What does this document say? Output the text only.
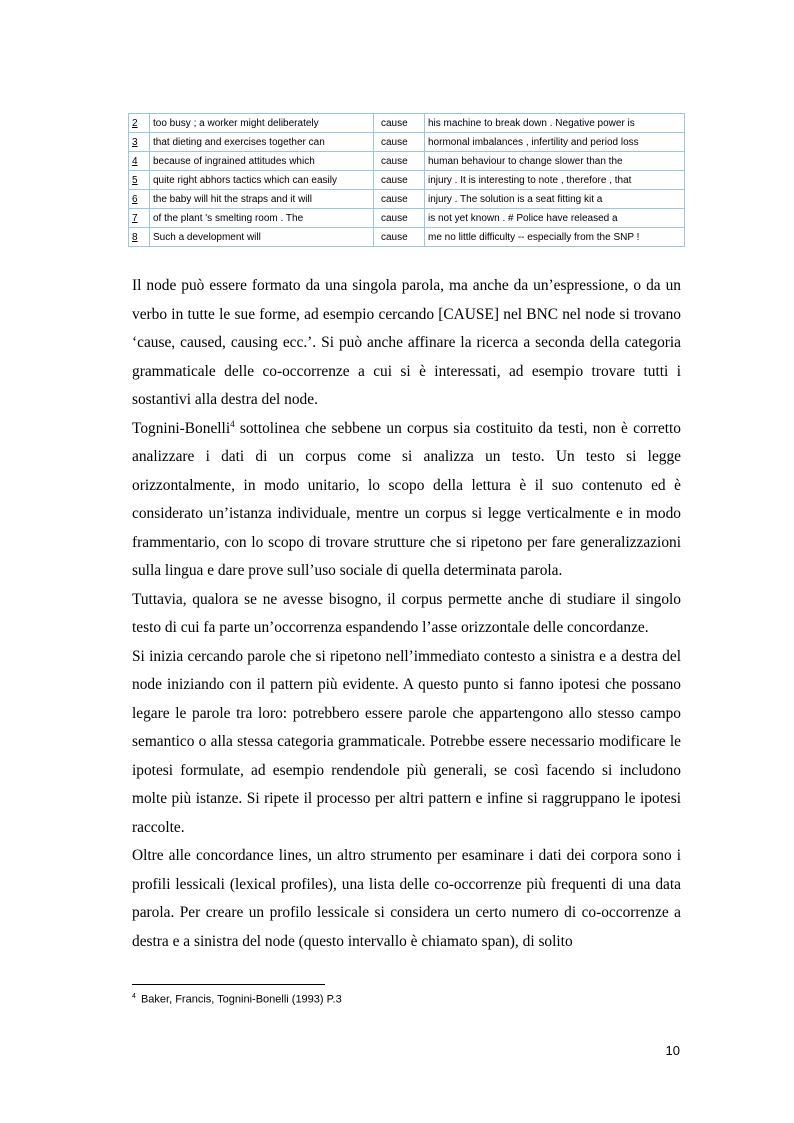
2	too busy ; a worker might deliberately	cause	his machine to break down . Negative power is
3	that dieting and exercises together can	cause	hormonal imbalances , infertility and period loss
4	because of ingrained attitudes which	cause	human behaviour to change slower than the
5	quite right abhors tactics which can easily	cause	injury . It is interesting to note , therefore , that
6	the baby will hit the straps and it will	cause	injury . The solution is a seat fitting kit a
7	of the plant 's smelting room . The	cause	is not yet known . # Police have released a
8	Such a development will	cause	me no little difficulty -- especially from the SNP !

Il node può essere formato da una singola parola, ma anche da un’espressione, o da un verbo in tutte le sue forme, ad esempio cercando [CAUSE] nel BNC nel node si trovano ‘cause, caused, causing ecc.’. Si può anche affinare la ricerca a seconda della categoria grammaticale delle co-occorrenze a cui si è interessati, ad esempio trovare tutti i sostantivi alla destra del node.

Tognini-Bonelli$^4$ sottolinea che sebbene un corpus sia costituito da testi, non è corretto analizzare i dati di un corpus come si analizza un testo. Un testo si legge orizzontalmente, in modo unitario, lo scopo della lettura è il suo contenuto ed è considerato un’istanza individuale, mentre un corpus si legge verticalmente e in modo frammentario, con lo scopo di trovare strutture che si ripetono per fare generalizzazioni sulla lingua e dare prove sull’uso sociale di quella determinata parola.

Tuttavia, qualora se ne avesse bisogno, il corpus permette anche di studiare il singolo testo di cui fa parte un’occorrenza espandendo l’asse orizzontale delle concordanze.

Si inizia cercando parole che si ripetono nell’immediato contesto a sinistra e a destra del node iniziando con il pattern più evidente. A questo punto si fanno ipotesi che possano legare le parole tra loro: potrebbero essere parole che appartengono allo stesso campo semantico o alla stessa categoria grammaticale. Potrebbe essere necessario modificare le ipotesi formulate, ad esempio rendendole più generali, se così facendo si includono molte più istanze. Si ripete il processo per altri pattern e infine si raggruppano le ipotesi raccolte.

Oltre alle concordance lines, un altro strumento per esaminare i dati dei corpora sono i profili lessicali (lexical profiles), una lista delle co-occorrenze più frequenti di una data parola. Per creare un profilo lessicale si considera un certo numero di co-occorrenze a destra e a sinistra del node (questo intervallo è chiamato span), di solito

$^4$ Baker, Francis, Tognini-Bonelli (1993) P.3
10
